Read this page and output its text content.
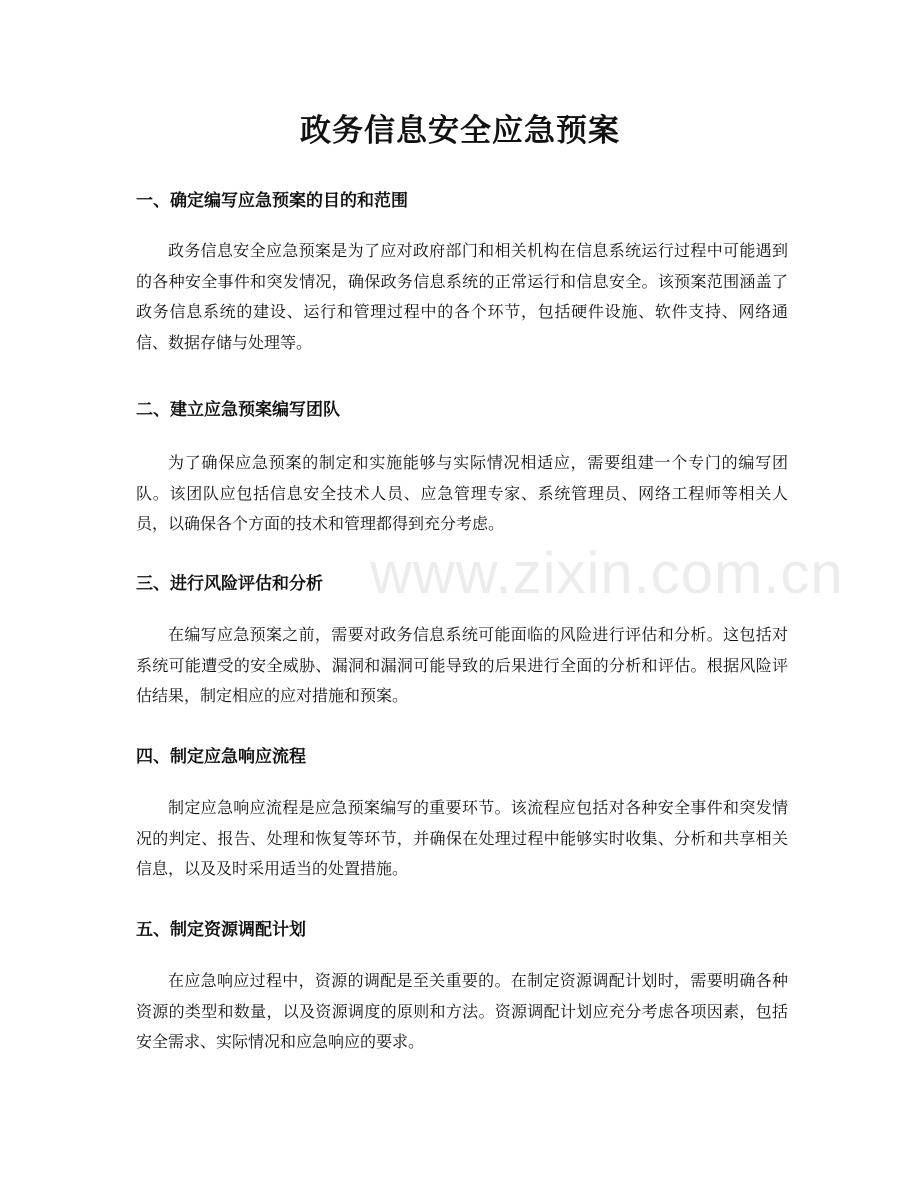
政务信息安全应急预案
一、确定编写应急预案的目的和范围

政务信息安全应急预案是为了应对政府部门和相关机构在信息系统运行过程中可能遇到的各种安全事件和突发情况，确保政务信息系统的正常运行和信息安全。该预案范围涵盖了政务信息系统的建设、运行和管理过程中的各个环节，包括硬件设施、软件支持、网络通信、数据存储与处理等。

二、建立应急预案编写团队

为了确保应急预案的制定和实施能够与实际情况相适应，需要组建一个专门的编写团队。该团队应包括信息安全技术人员、应急管理专家、系统管理员、网络工程师等相关人员，以确保各个方面的技术和管理都得到充分考虑。

三、进行风险评估和分析

在编写应急预案之前，需要对政务信息系统可能面临的风险进行评估和分析。这包括对系统可能遭受的安全威胁、漏洞和漏洞可能导致的后果进行全面的分析和评估。根据风险评估结果，制定相应的应对措施和预案。

四、制定应急响应流程

制定应急响应流程是应急预案编写的重要环节。该流程应包括对各种安全事件和突发情况的判定、报告、处理和恢复等环节，并确保在处理过程中能够实时收集、分析和共享相关信息，以及及时采用适当的处置措施。

五、制定资源调配计划

在应急响应过程中，资源的调配是至关重要的。在制定资源调配计划时，需要明确各种资源的类型和数量，以及资源调度的原则和方法。资源调配计划应充分考虑各项因素，包括安全需求、实际情况和应急响应的要求。

www.zixin.com.cn
